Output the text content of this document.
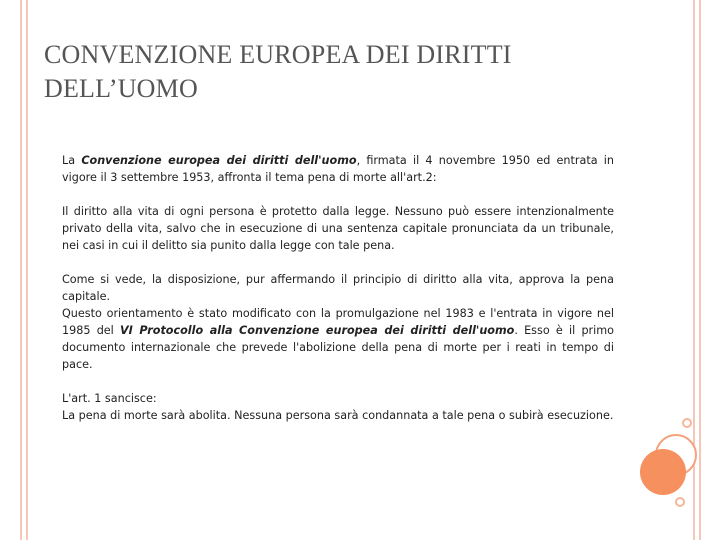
CONVENZIONE EUROPEA DEI DIRITTI
DELL’UOMO

La Convenzione europea dei diritti dell'uomo, firmata il 4 novembre 1950 ed entrata in vigore il 3 settembre 1953, affronta il tema pena di morte all'art.2:

Il diritto alla vita di ogni persona è protetto dalla legge. Nessuno può essere intenzionalmente privato della vita, salvo che in esecuzione di una sentenza capitale pronunciata da un tribunale, nei casi in cui il delitto sia punito dalla legge con tale pena.

Come si vede, la disposizione, pur affermando il principio di diritto alla vita, approva la pena capitale.

Questo orientamento è stato modificato con la promulgazione nel 1983 e l'entrata in vigore nel 1985 del VI Protocollo alla Convenzione europea dei diritti dell'uomo. Esso è il primo documento internazionale che prevede l'abolizione della pena di morte per i reati in tempo di pace.

L'art. 1 sancisce:

La pena di morte sarà abolita. Nessuna persona sarà condannata a tale pena o subirà esecuzione.
